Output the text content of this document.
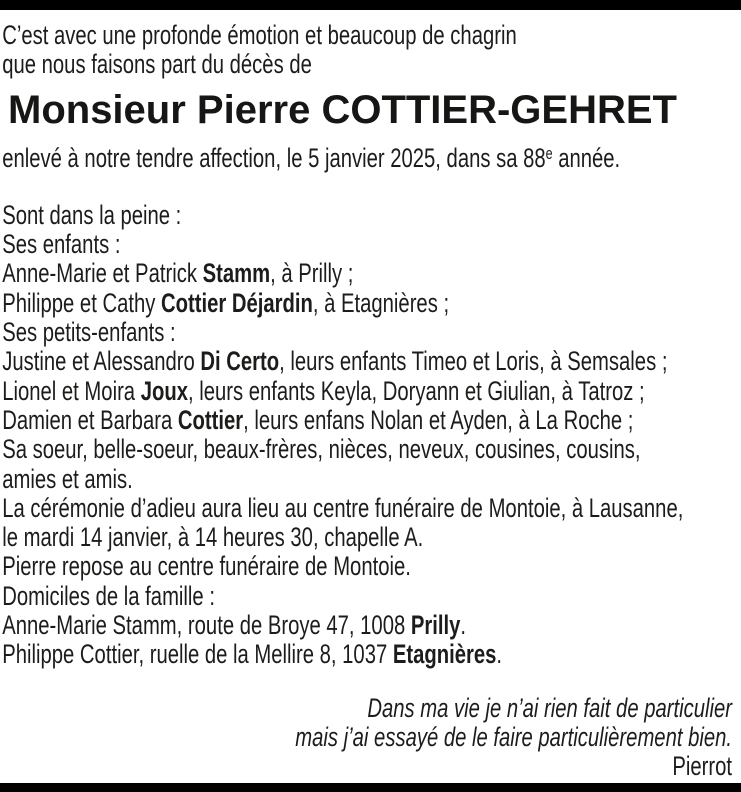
C’est avec une profonde émotion et beaucoup de chagrin
que nous faisons part du décès de
Monsieur Pierre COTTIER-GEHRET
enlevé à notre tendre affection, le 5 janvier 2025, dans sa 88e année.
Sont dans la peine :
Ses enfants :
Anne-Marie et Patrick Stamm, à Prilly ;
Philippe et Cathy Cottier Déjardin, à Etagnières ;
Ses petits-enfants :
Justine et Alessandro Di Certo, leurs enfants Timeo et Loris, à Semsales ;
Lionel et Moira Joux, leurs enfants Keyla, Doryann et Giulian, à Tatroz ;
Damien et Barbara Cottier, leurs enfans Nolan et Ayden, à La Roche ;
Sa soeur, belle-soeur, beaux-frères, nièces, neveux, cousines, cousins,
amies et amis.
La cérémonie d’adieu aura lieu au centre funéraire de Montoie, à Lausanne,
le mardi 14 janvier, à 14 heures 30, chapelle A.
Pierre repose au centre funéraire de Montoie.
Domiciles de la famille :
Anne-Marie Stamm, route de Broye 47, 1008 Prilly.
Philippe Cottier, ruelle de la Mellire 8, 1037 Etagnières.
Dans ma vie je n’ai rien fait de particulier
mais j’ai essayé de le faire particulièrement bien.
Pierrot
